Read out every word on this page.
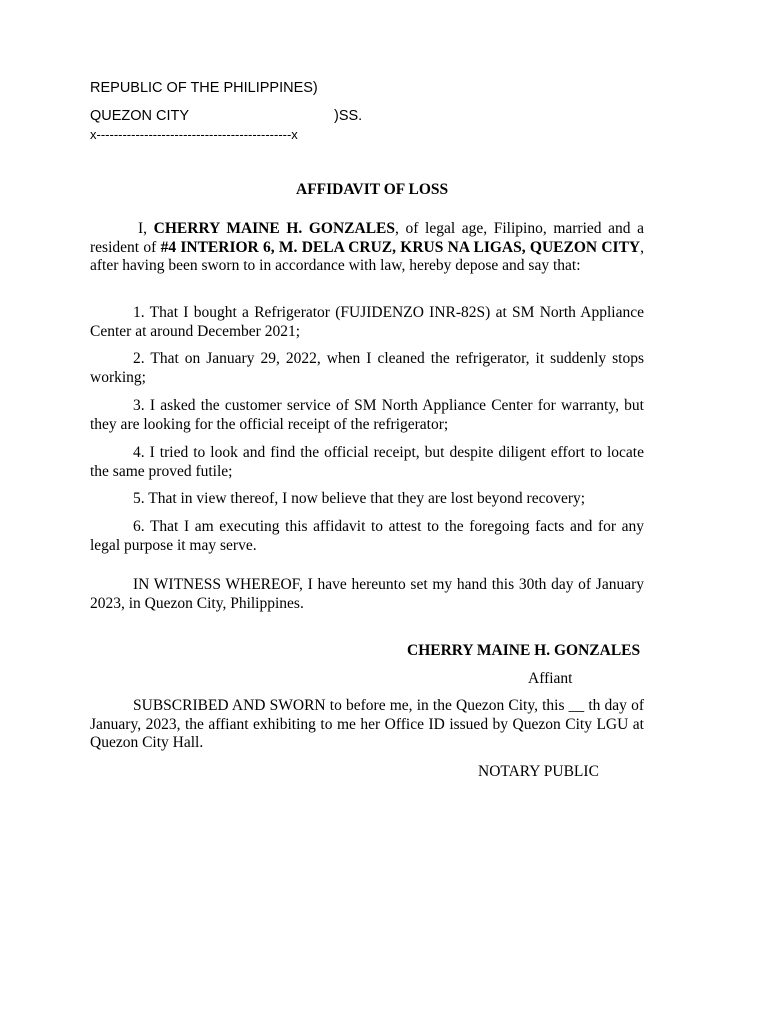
REPUBLIC OF THE PHILIPPINES)
QUEZON CITY	)SS.
x---------------------------------------------x
AFFIDAVIT OF LOSS

I, CHERRY MAINE H. GONZALES, of legal age, Filipino, married and a resident of #4 INTERIOR 6, M. DELA CRUZ, KRUS NA LIGAS, QUEZON CITY, after having been sworn to in accordance with law, hereby depose and say that:

1. That I bought a Refrigerator (FUJIDENZO INR-82S) at SM North Appliance Center at around December 2021;

2. That on January 29, 2022, when I cleaned the refrigerator, it suddenly stops working;

3. I asked the customer service of SM North Appliance Center for warranty, but they are looking for the official receipt of the refrigerator;

4. I tried to look and find the official receipt, but despite diligent effort to locate the same proved futile;

5. That in view thereof, I now believe that they are lost beyond recovery;

6. That I am executing this affidavit to attest to the foregoing facts and for any legal purpose it may serve.

IN WITNESS WHEREOF, I have hereunto set my hand this 30th day of January 2023, in Quezon City, Philippines.

CHERRY MAINE H. GONZALES
Affiant

SUBSCRIBED AND SWORN to before me, in the Quezon City, this __ th day of January, 2023, the affiant exhibiting to me her Office ID issued by Quezon City LGU at Quezon City Hall.

NOTARY PUBLIC
